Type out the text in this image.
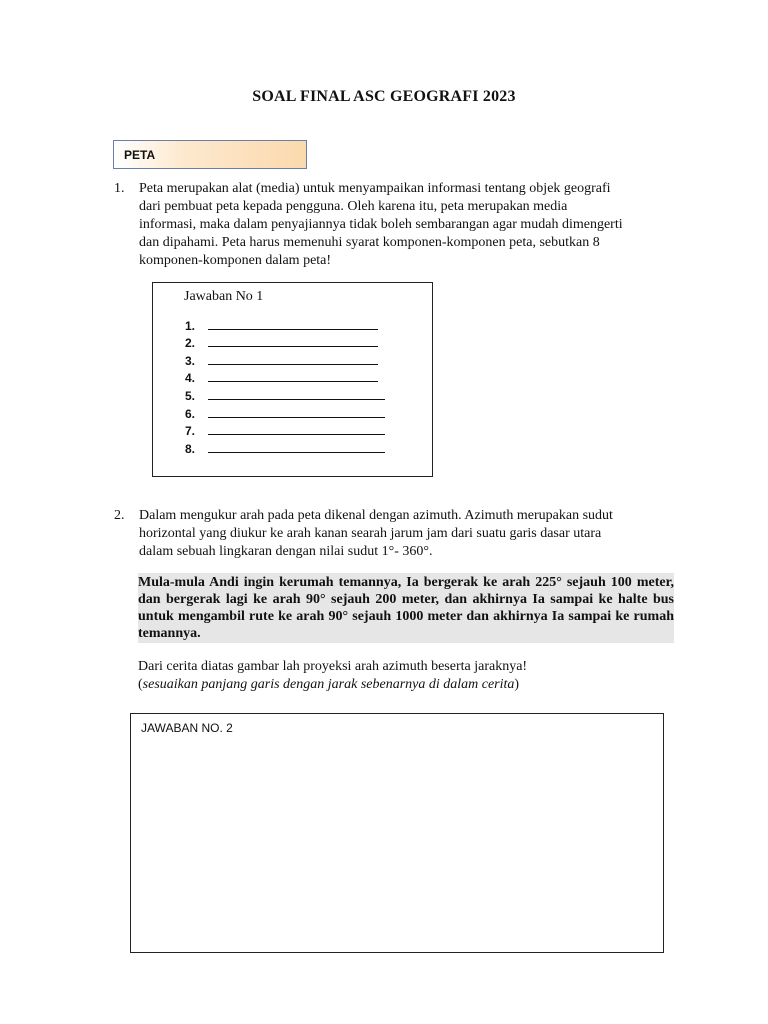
SOAL FINAL ASC GEOGRAFI 2023
PETA
1. Peta merupakan alat (media) untuk menyampaikan informasi tentang objek geografi
dari pembuat peta kepada pengguna. Oleh karena itu, peta merupakan media
informasi, maka dalam penyajiannya tidak boleh sembarangan agar mudah dimengerti
dan dipahami. Peta harus memenuhi syarat komponen-komponen peta, sebutkan 8
komponen-komponen dalam peta!
Jawaban No 1
1.
2.
3.
4.
5.
6.
7.
8.
2. Dalam mengukur arah pada peta dikenal dengan azimuth. Azimuth merupakan sudut
horizontal yang diukur ke arah kanan searah jarum jam dari suatu garis dasar utara
dalam sebuah lingkaran dengan nilai sudut 1°- 360°.
Mula-mula Andi ingin kerumah temannya, Ia bergerak ke arah 225° sejauh 100 meter, dan bergerak lagi ke arah 90° sejauh 200 meter, dan akhirnya Ia sampai ke halte bus untuk mengambil rute ke arah 90° sejauh 1000 meter dan akhirnya Ia sampai ke rumah temannya.
Dari cerita diatas gambar lah proyeksi arah azimuth beserta jaraknya!
(sesuaikan panjang garis dengan jarak sebenarnya di dalam cerita)
JAWABAN NO. 2
